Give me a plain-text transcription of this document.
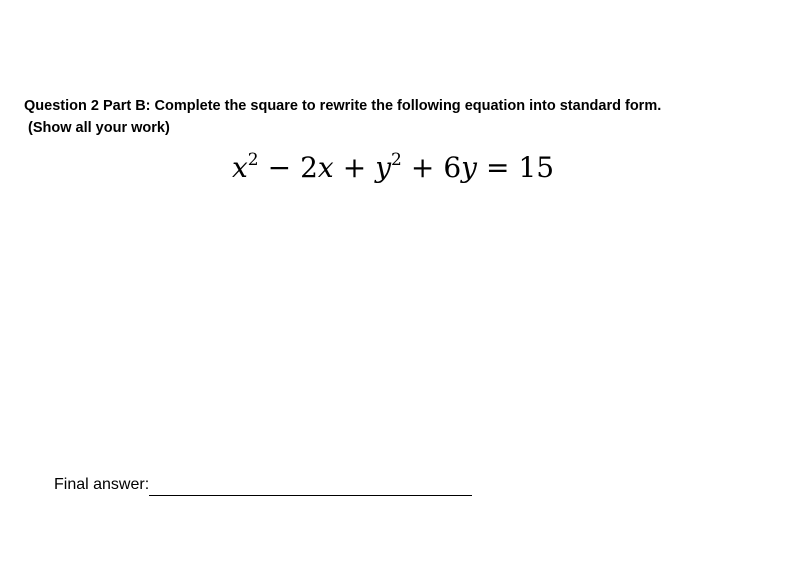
Question 2 Part B: Complete the square to rewrite the following equation into standard form.
(Show all your work)
$x^2 - 2x + y^2 + 6y = 15$
Final answer:
